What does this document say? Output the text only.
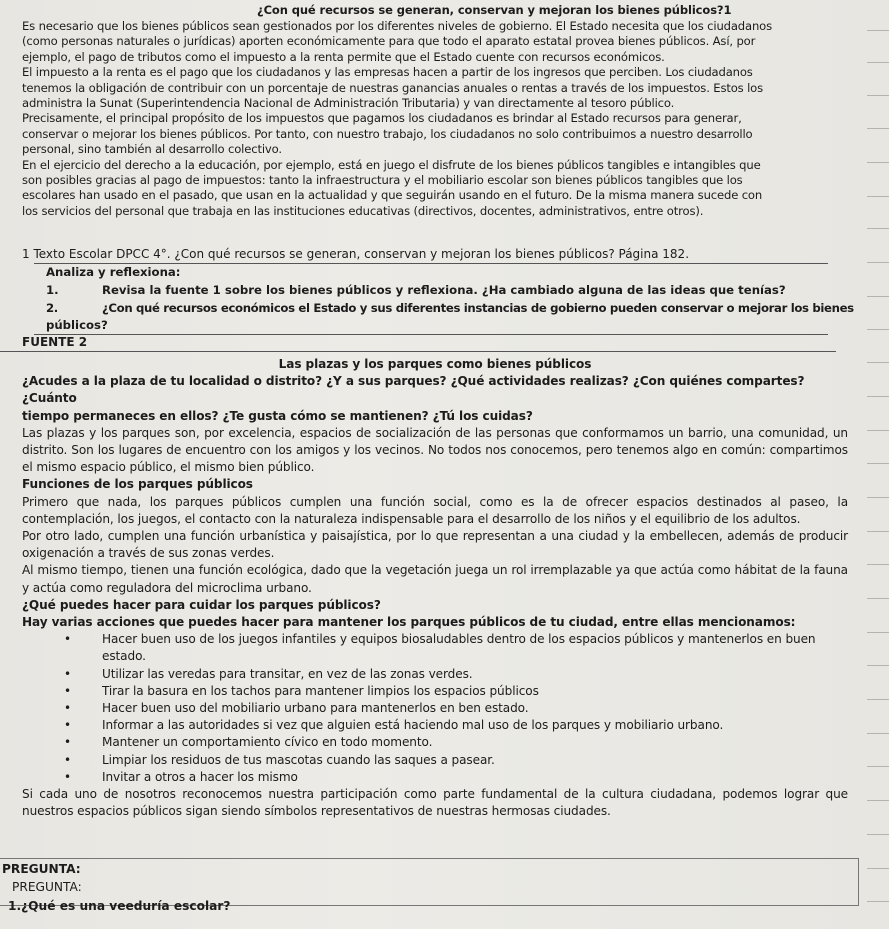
¿Con qué recursos se generan, conservan y mejoran los bienes públicos?1

Es necesario que los bienes públicos sean gestionados por los diferentes niveles de gobierno. El Estado necesita que los ciudadanos

(como personas naturales o jurídicas) aporten económicamente para que todo el aparato estatal provea bienes públicos. Así, por

ejemplo, el pago de tributos como el impuesto a la renta permite que el Estado cuente con recursos económicos.

El impuesto a la renta es el pago que los ciudadanos y las empresas hacen a partir de los ingresos que perciben. Los ciudadanos

tenemos la obligación de contribuir con un porcentaje de nuestras ganancias anuales o rentas a través de los impuestos. Estos los

administra la Sunat (Superintendencia Nacional de Administración Tributaria) y van directamente al tesoro público.

Precisamente, el principal propósito de los impuestos que pagamos los ciudadanos es brindar al Estado recursos para generar,

conservar o mejorar los bienes públicos. Por tanto, con nuestro trabajo, los ciudadanos no solo contribuimos a nuestro desarrollo

personal, sino también al desarrollo colectivo.

En el ejercicio del derecho a la educación, por ejemplo, está en juego el disfrute de los bienes públicos tangibles e intangibles que

son posibles gracias al pago de impuestos: tanto la infraestructura y el mobiliario escolar son bienes públicos tangibles que los

escolares han usado en el pasado, que usan en la actualidad y que seguirán usando en el futuro. De la misma manera sucede con

los servicios del personal que trabaja en las instituciones educativas (directivos, docentes, administrativos, entre otros).

1 Texto Escolar DPCC 4°. ¿Con qué recursos se generan, conservan y mejoran los bienes públicos? Página 182.
Analiza y reflexiona:
1.	Revisa la fuente 1 sobre los bienes públicos y reflexiona. ¿Ha cambiado alguna de las ideas que tenías?
2.	¿Con qué recursos económicos el Estado y sus diferentes instancias de gobierno pueden conservar o mejorar los bienes
públicos?
FUENTE 2

Las plazas y los parques como bienes públicos

¿Acudes a la plaza de tu localidad o distrito? ¿Y a sus parques? ¿Qué actividades realizas? ¿Con quiénes compartes? ¿Cuánto
tiempo permaneces en ellos? ¿Te gusta cómo se mantienen? ¿Tú los cuidas?

Las plazas y los parques son, por excelencia, espacios de socialización de las personas que conformamos un barrio, una comunidad, un distrito. Son los lugares de encuentro con los amigos y los vecinos. No todos nos conocemos, pero tenemos algo en común: compartimos el mismo espacio público, el mismo bien público.

Funciones de los parques públicos

Primero que nada, los parques públicos cumplen una función social, como es la de ofrecer espacios destinados al paseo, la contemplación, los juegos, el contacto con la naturaleza indispensable para el desarrollo de los niños y el equilibrio de los adultos.

Por otro lado, cumplen una función urbanística y paisajística, por lo que representan a una ciudad y la embellecen, además de producir oxigenación a través de sus zonas verdes.

Al mismo tiempo, tienen una función ecológica, dado que la vegetación juega un rol irremplazable ya que actúa como hábitat de la fauna y actúa como reguladora del microclima urbano.

¿Qué puedes hacer para cuidar los parques públicos?

Hay varias acciones que puedes hacer para mantener los parques públicos de tu ciudad, entre ellas mencionamos:

•	Hacer buen uso de los juegos infantiles y equipos biosaludables dentro de los espacios públicos y mantenerlos en buen estado.
•	Utilizar las veredas para transitar, en vez de las zonas verdes.
•	Tirar la basura en los tachos para mantener limpios los espacios públicos
•	Hacer buen uso del mobiliario urbano para mantenerlos en ben estado.
•	Informar a las autoridades si vez que alguien está haciendo mal uso de los parques y mobiliario urbano.
•	Mantener un comportamiento cívico en todo momento.
•	Limpiar los residuos de tus mascotas cuando las saques a pasear.
•	Invitar a otros a hacer los mismo

Si cada uno de nosotros reconocemos nuestra participación como parte fundamental de la cultura ciudadana, podemos lograr que nuestros espacios públicos sigan siendo símbolos representativos de nuestras hermosas ciudades.

PREGUNTA:
PREGUNTA:
1.¿Qué es una veeduría escolar?
